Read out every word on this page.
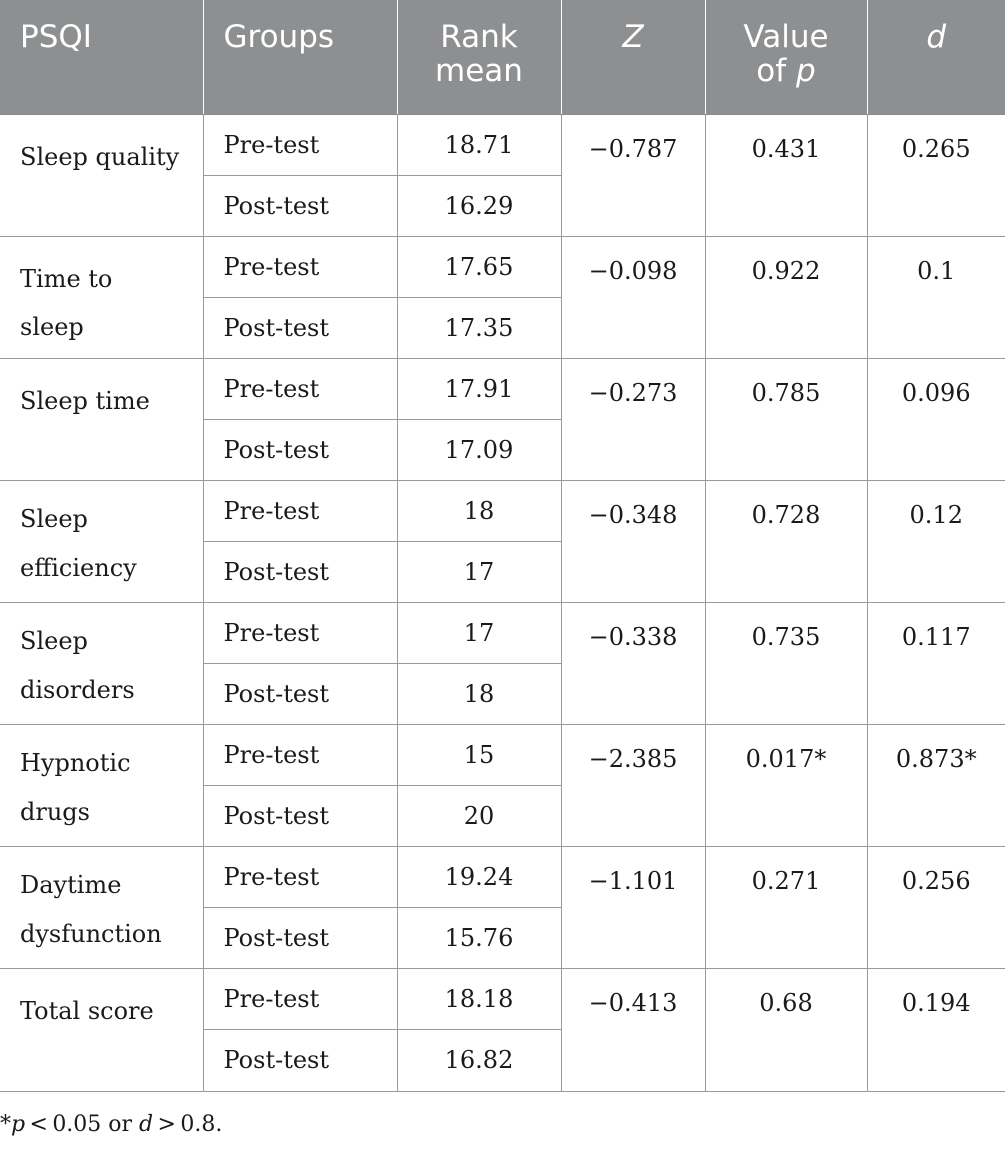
PSQI	Groups	Rank mean	Z	Value of p	d
Sleep quality	Pre-test	18.71	−0.787	0.431	0.265
	Post-test	16.29			
Time to sleep	Pre-test	17.65	−0.098	0.922	0.1
	Post-test	17.35			
Sleep time	Pre-test	17.91	−0.273	0.785	0.096
	Post-test	17.09			
Sleep efficiency	Pre-test	18	−0.348	0.728	0.12
	Post-test	17			
Sleep disorders	Pre-test	17	−0.338	0.735	0.117
	Post-test	18			
Hypnotic drugs	Pre-test	15	−2.385	0.017*	0.873*
	Post-test	20			
Daytime dysfunction	Pre-test	19.24	−1.101	0.271	0.256
	Post-test	15.76			
Total score	Pre-test	18.18	−0.413	0.68	0.194
	Post-test	16.82			
*p < 0.05 or d > 0.8.
